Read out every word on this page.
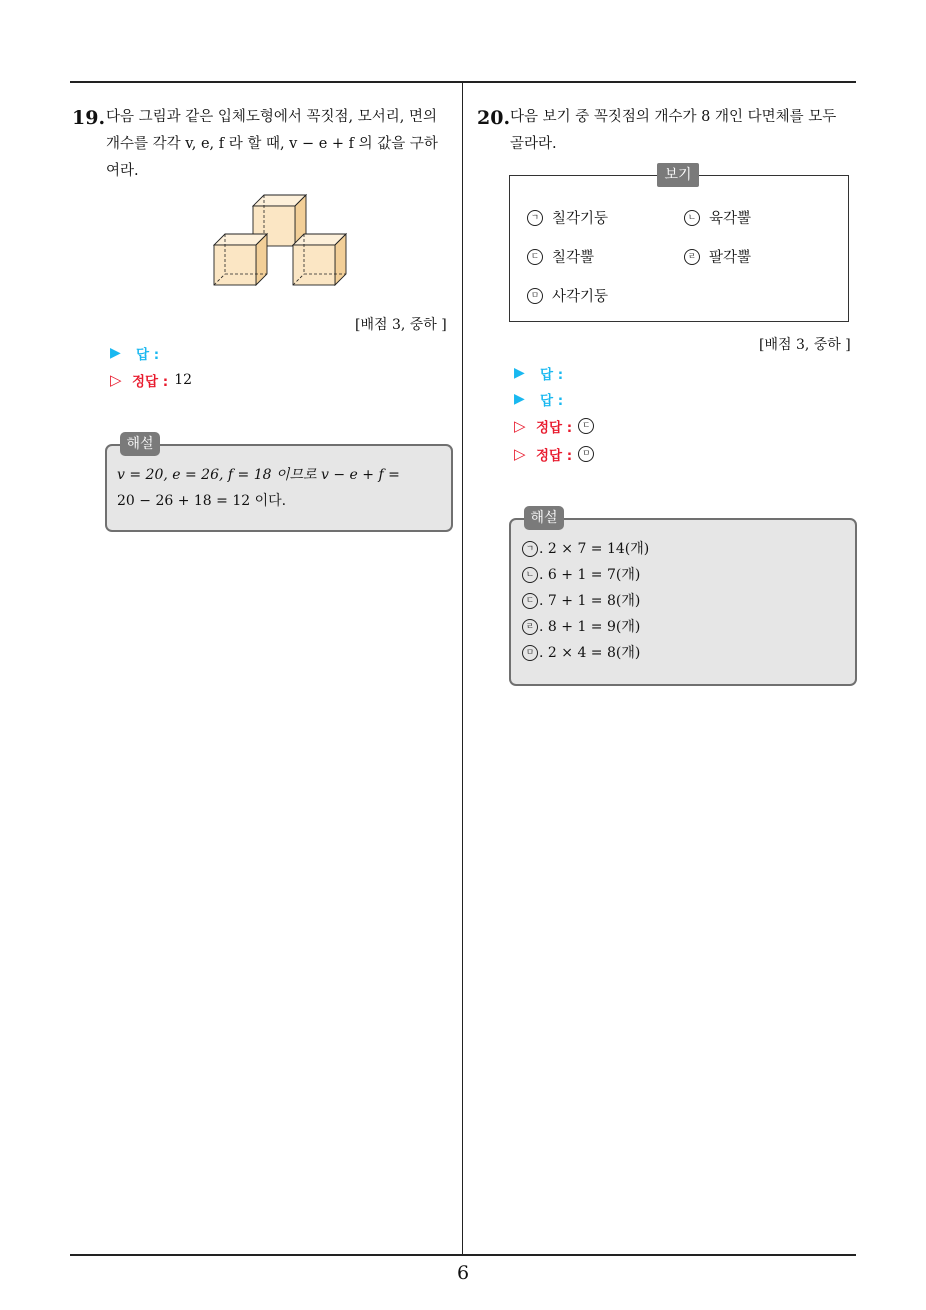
6
19. 다음 그림과 같은 입체도형에서 꼭짓점, 모서리, 면의
개수를 각각 v, e, f 라 할 때, v − e + f 의 값을 구하
여라.
[배점 3, 중하 ]
▶	답 :
▷ 정답 : 12
해설
v = 20, e = 26, f = 18 이므로 v − e + f =
20 − 26 + 18 = 12 이다.
20. 다음 보기 중 꼭짓점의 개수가 8 개인 다면체를 모두
골라라.
보기
ㄱ 칠각기둥	ㄴ 육각뿔
ㄷ 칠각뿔	ㄹ 팔각뿔
ㅁ 사각기둥
[배점 3, 중하 ]
▶	답 :
▶	답 :
▷ 정답 :	ㄷ
▷ 정답 :	ㅁ
해설
ㄱ . 2 × 7 = 14(개)
ㄴ . 6 + 1 = 7(개)
ㄷ . 7 + 1 = 8(개)
ㄹ . 8 + 1 = 9(개)
ㅁ . 2 × 4 = 8(개)
